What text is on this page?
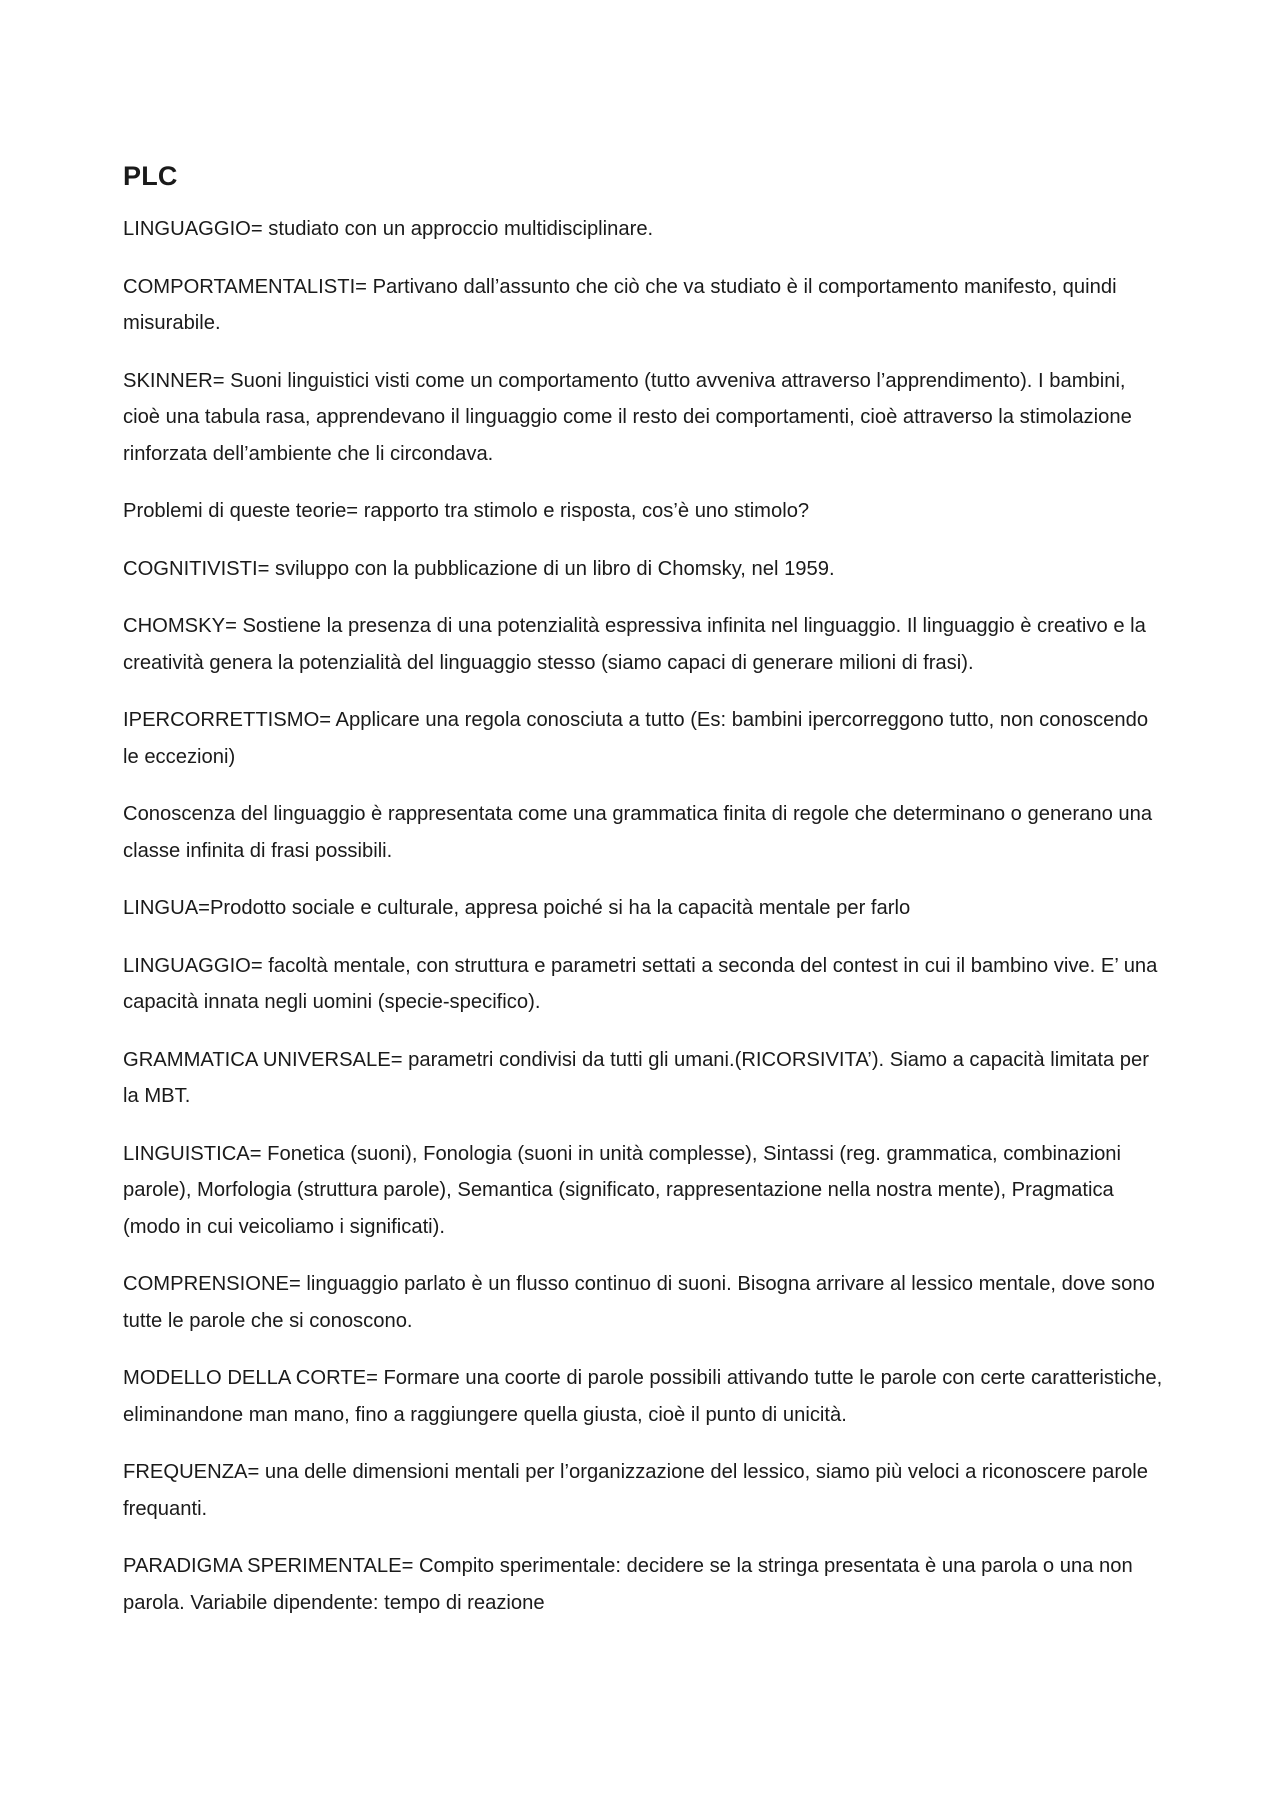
PLC

LINGUAGGIO= studiato con un approccio multidisciplinare.

COMPORTAMENTALISTI= Partivano dall’assunto che ciò che va studiato è il comportamento manifesto, quindi misurabile.

SKINNER= Suoni linguistici visti come un comportamento (tutto avveniva attraverso l’apprendimento). I bambini, cioè una tabula rasa, apprendevano il linguaggio come il resto dei comportamenti, cioè attraverso la stimolazione rinforzata dell’ambiente che li circondava.

Problemi di queste teorie= rapporto tra stimolo e risposta, cos’è uno stimolo?

COGNITIVISTI= sviluppo con la pubblicazione di un libro di Chomsky, nel 1959.

CHOMSKY= Sostiene la presenza di una potenzialità espressiva infinita nel linguaggio. Il linguaggio è creativo e la creatività genera la potenzialità del linguaggio stesso (siamo capaci di generare milioni di frasi).

IPERCORRETTISMO= Applicare una regola conosciuta a tutto (Es: bambini ipercorreggono tutto, non conoscendo le eccezioni)

Conoscenza del linguaggio è rappresentata come una grammatica finita di regole che determinano o generano una classe infinita di frasi possibili.

LINGUA=Prodotto sociale e culturale, appresa poiché si ha la capacità mentale per farlo

LINGUAGGIO= facoltà mentale, con struttura e parametri settati a seconda del contest in cui il bambino vive. E’ una capacità innata negli uomini (specie-specifico).

GRAMMATICA UNIVERSALE= parametri condivisi da tutti gli umani.(RICORSIVITA’). Siamo a capacità limitata per la MBT.

LINGUISTICA= Fonetica (suoni), Fonologia (suoni in unità complesse), Sintassi (reg. grammatica, combinazioni parole), Morfologia (struttura parole), Semantica (significato, rappresentazione nella nostra mente), Pragmatica (modo in cui veicoliamo i significati).

COMPRENSIONE= linguaggio parlato è un flusso continuo di suoni. Bisogna arrivare al lessico mentale, dove sono tutte le parole che si conoscono.

MODELLO DELLA CORTE= Formare una coorte di parole possibili attivando tutte le parole con certe caratteristiche, eliminandone man mano, fino a raggiungere quella giusta, cioè il punto di unicità.

FREQUENZA= una delle dimensioni mentali per l’organizzazione del lessico, siamo più veloci a riconoscere parole frequanti.

PARADIGMA SPERIMENTALE= Compito sperimentale: decidere se la stringa presentata è una parola o una non parola. Variabile dipendente: tempo di reazione
